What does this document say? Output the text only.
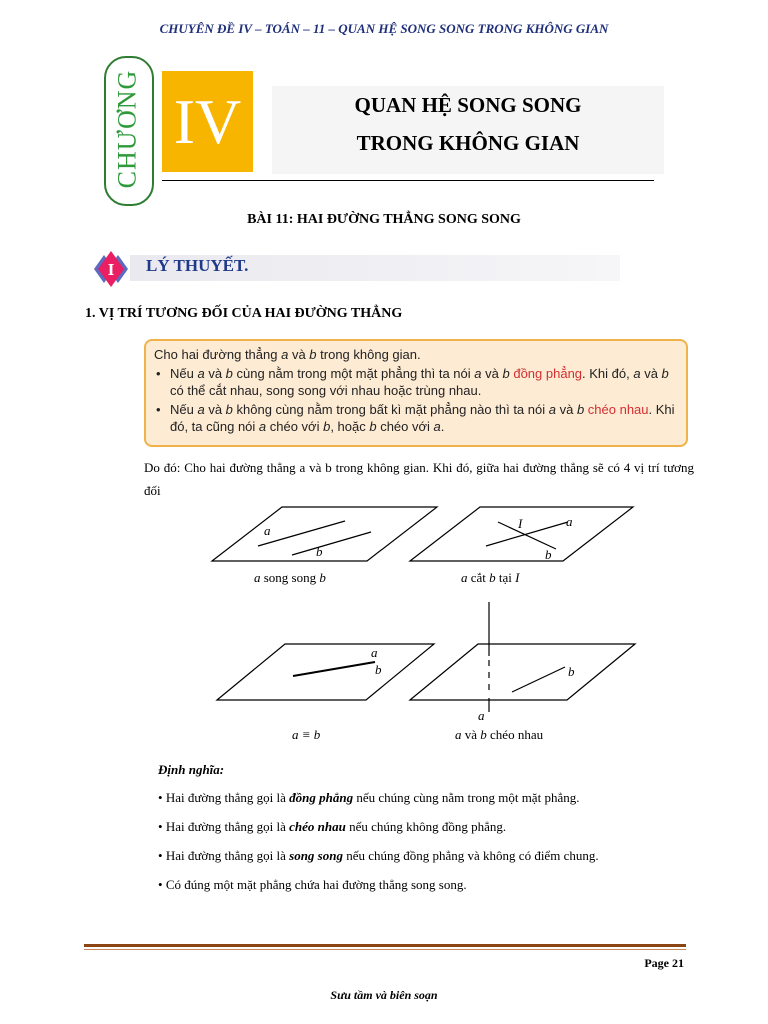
CHUYÊN ĐỀ IV – TOÁN – 11 – QUAN HỆ SONG SONG TRONG KHÔNG GIAN
CHƯƠNG IV	QUAN HỆ SONG SONG
TRONG KHÔNG GIAN
BÀI 11: HAI ĐƯỜNG THẲNG SONG SONG
I LÝ THUYẾT.
1. VỊ TRÍ TƯƠNG ĐỐI CỦA HAI ĐƯỜNG THẲNG

Cho hai đường thẳng a và b trong không gian.

• Nếu a và b cùng nằm trong một mặt phẳng thì ta nói a và b đồng phẳng. Khi đó, a và b có thể cắt nhau, song song với nhau hoặc trùng nhau.
• Nếu a và b không cùng nằm trong bất kì mặt phẳng nào thì ta nói a và b chéo nhau. Khi đó, ta cũng nói a chéo với b, hoặc b chéo với a.
Do đó: Cho hai đường thẳng a và b trong không gian. Khi đó, giữa hai đường thẳng sẽ có 4 vị trí tương đối
a
b
a song song b
I	a
b
a cắt b tại I
a
b
a ≡ b
a
b
a và b chéo nhau
Định nghĩa:
• Hai đường thẳng gọi là đồng phẳng nếu chúng cùng nằm trong một mặt phẳng.
• Hai đường thẳng gọi là chéo nhau nếu chúng không đồng phẳng.
• Hai đường thẳng gọi là song song nếu chúng đồng phẳng và không có điểm chung.
• Có đúng một mặt phẳng chứa hai đường thẳng song song.
Page 21
Sưu tầm và biên soạn
